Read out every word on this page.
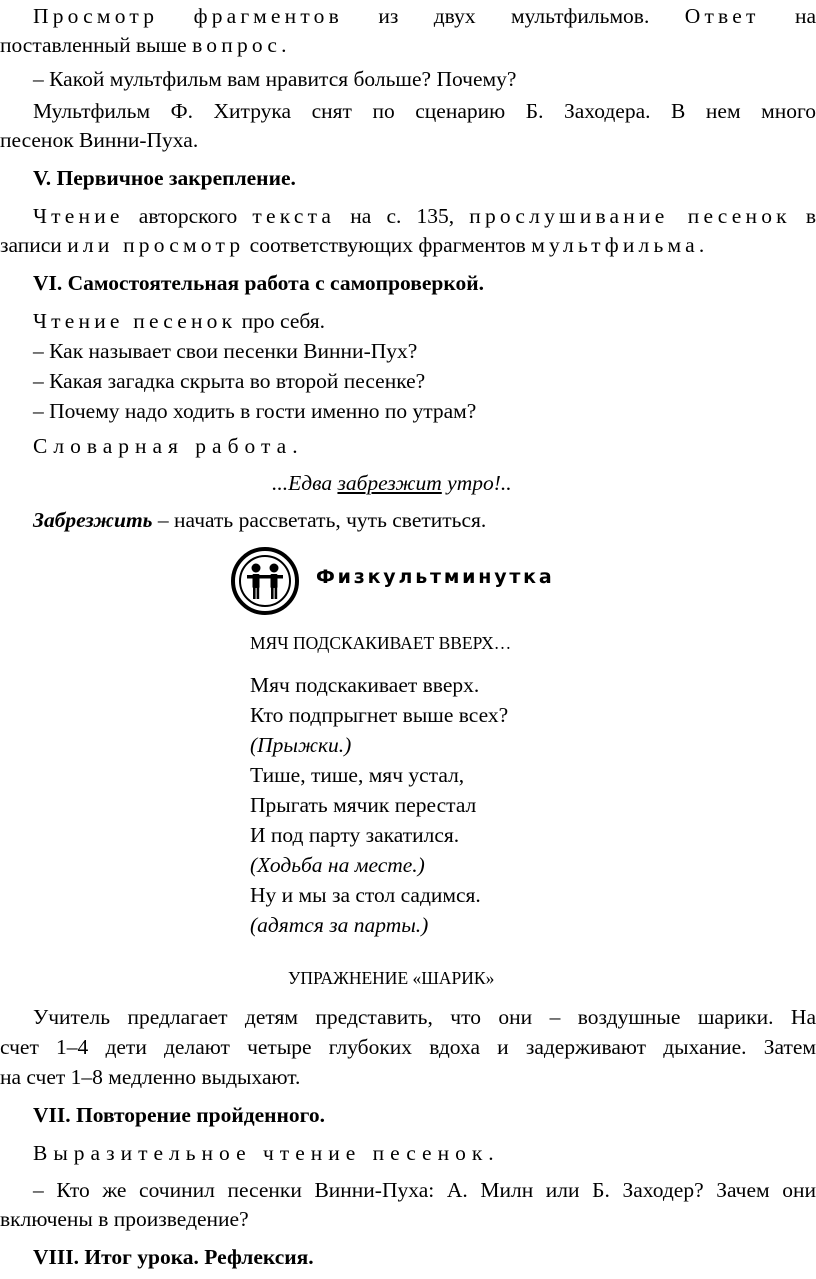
Просмотр фрагментов из двух мультфильмов. Ответ на
поставленный выше вопрос.
– Какой мультфильм вам нравится больше? Почему?
Мультфильм Ф. Хитрука снят по сценарию Б. Заходера. В нем много
песенок Винни-Пуха.
V. Первичное закрепление.
Чтение авторского текста на с. 135, прослушивание песенок в
записи или просмотр соответствующих фрагментов мультфильма.
VI. Самостоятельная работа с самопроверкой.
Чтение песенок про себя.
– Как называет свои песенки Винни-Пух?
– Какая загадка скрыта во второй песенке?
– Почему надо ходить в гости именно по утрам?
Словарная работа.
...Едва забрезжит утро!..
Забрезжить – начать рассветать, чуть светиться.
Физкультминутка
МЯЧ ПОДСКАКИВАЕТ ВВЕРХ…
Мяч подскакивает вверх.
Кто подпрыгнет выше всех?
(Прыжки.)
Тише, тише, мяч устал,
Прыгать мячик перестал
И под парту закатился.
(Ходьба на месте.)
Ну и мы за стол садимся.
(адятся за парты.)
УПРАЖНЕНИЕ «ШАРИК»
Учитель предлагает детям представить, что они – воздушные шарики. На
счет 1–4 дети делают четыре глубоких вдоха и задерживают дыхание. Затем
на счет 1–8 медленно выдыхают.
VII. Повторение пройденного.
Выразительное чтение песенок.
– Кто же сочинил песенки Винни-Пуха: А. Милн или Б. Заходер? Зачем они
включены в произведение?
VIII. Итог урока. Рефлексия.
